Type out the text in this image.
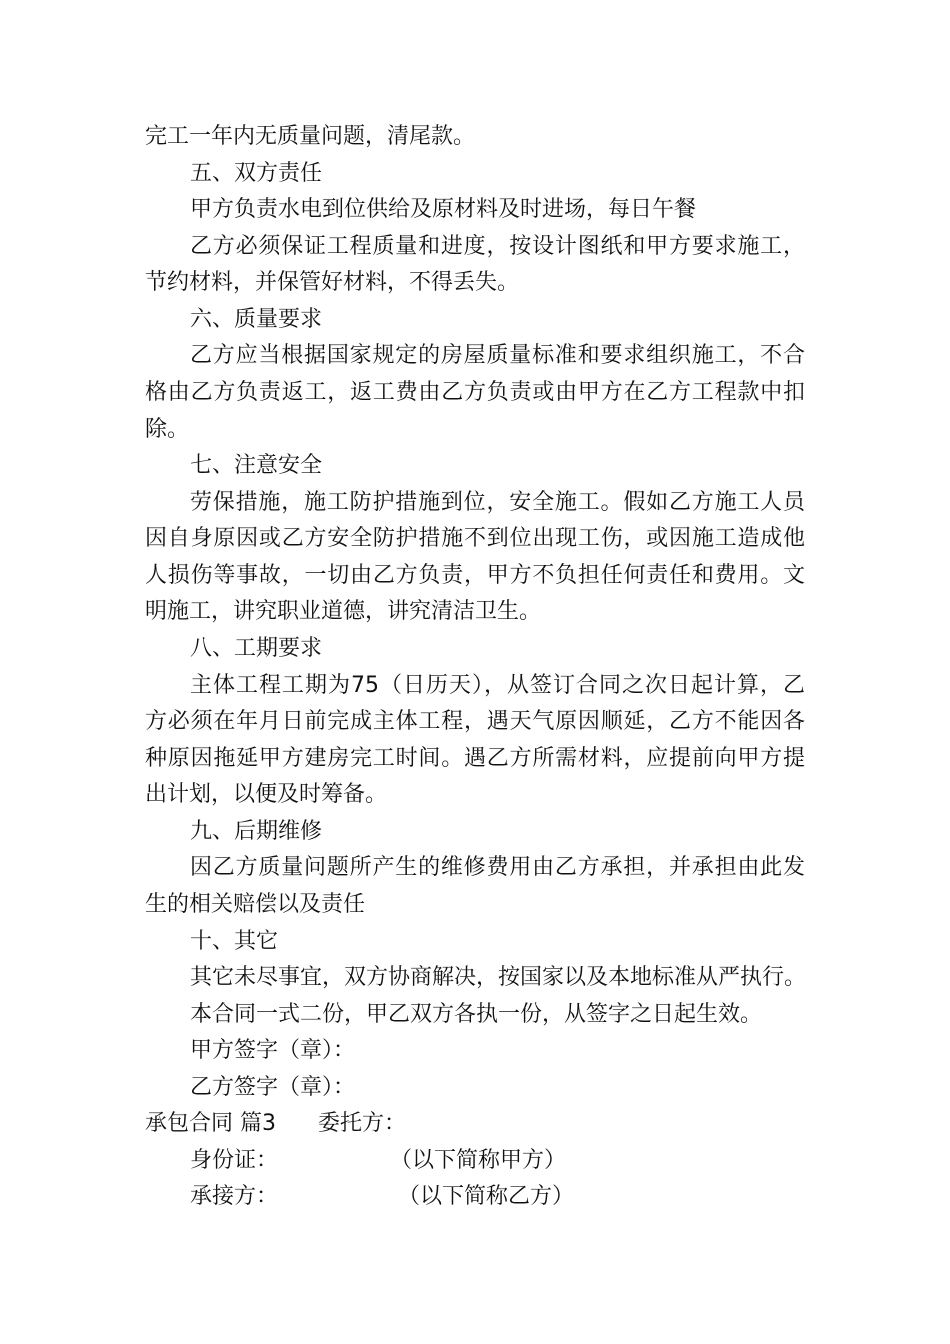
完工一年内无质量问题，清尾款。
五、双方责任
甲方负责水电到位供给及原材料及时进场，每日午餐
乙方必须保证工程质量和进度，按设计图纸和甲方要求施工，
节约材料，并保管好材料，不得丢失。
六、质量要求
乙方应当根据国家规定的房屋质量标准和要求组织施工，不合
格由乙方负责返工，返工费由乙方负责或由甲方在乙方工程款中扣
除。
七、注意安全
劳保措施，施工防护措施到位，安全施工。假如乙方施工人员
因自身原因或乙方安全防护措施不到位出现工伤，或因施工造成他
人损伤等事故，一切由乙方负责，甲方不负担任何责任和费用。文
明施工，讲究职业道德，讲究清洁卫生。
八、工期要求
主体工程工期为75（日历天），从签订合同之次日起计算，乙
方必须在年月日前完成主体工程，遇天气原因顺延，乙方不能因各
种原因拖延甲方建房完工时间。遇乙方所需材料，应提前向甲方提
出计划，以便及时筹备。
九、后期维修
因乙方质量问题所产生的维修费用由乙方承担，并承担由此发
生的相关赔偿以及责任
十、其它
其它未尽事宜，双方协商解决，按国家以及本地标准从严执行。
本合同一式二份，甲乙双方各执一份，从签字之日起生效。
甲方签字（章）：
乙方签字（章）：
承包合同 篇3 委托方：
身份证：	（以下简称甲方）
承接方：	（以下简称乙方）
